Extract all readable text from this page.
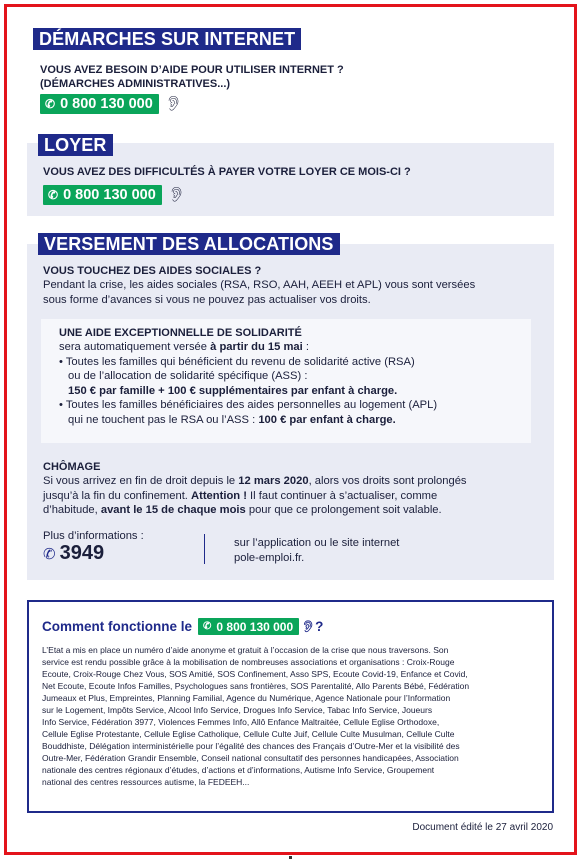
DÉMARCHES SUR INTERNET
VOUS AVEZ BESOIN D’AIDE POUR UTILISER INTERNET ?
(DÉMARCHES ADMINISTRATIVES...)
✆ 0 800 130 000 👂︎
LOYER
VOUS AVEZ DES DIFFICULTÉS À PAYER VOTRE LOYER CE MOIS-CI ?
✆ 0 800 130 000 👂︎
VERSEMENT DES ALLOCATIONS
VOUS TOUCHEZ DES AIDES SOCIALES ?
Pendant la crise, les aides sociales (RSA, RSO, AAH, AEEH et APL) vous sont versées
sous forme d’avances si vous ne pouvez pas actualiser vos droits.
UNE AIDE EXCEPTIONNELLE DE SOLIDARITÉ
sera automatiquement versée à partir du 15 mai :
• Toutes les familles qui bénéficient du revenu de solidarité active (RSA)
ou de l’allocation de solidarité spécifique (ASS) :
150 € par famille + 100 € supplémentaires par enfant à charge.
• Toutes les familles bénéficiaires des aides personnelles au logement (APL)
qui ne touchent pas le RSA ou l’ASS : 100 € par enfant à charge.
CHÔMAGE
Si vous arrivez en fin de droit depuis le 12 mars 2020, alors vos droits sont prolongés
jusqu’à la fin du confinement. Attention ! Il faut continuer à s’actualiser, comme
d’habitude, avant le 15 de chaque mois pour que ce prolongement soit valable.
Plus d’informations :
✆ 3949	sur l’application ou le site internet
pole-emploi.fr.
Comment fonctionne le ✆ 0 800 130 000 👂︎ ?
L’Etat a mis en place un numéro d’aide anonyme et gratuit à l’occasion de la crise que nous traversons. Son
service est rendu possible grâce à la mobilisation de nombreuses associations et organisations : Croix-Rouge
Ecoute, Croix-Rouge Chez Vous, SOS Amitié, SOS Confinement, Asso SPS, Ecoute Covid-19, Enfance et Covid,
Net Ecoute, Ecoute Infos Familles, Psychologues sans frontières, SOS Parentalité, Allo Parents Bébé, Fédération
Jumeaux et Plus, Empreintes, Planning Familial, Agence du Numérique, Agence Nationale pour l’Information
sur le Logement, Impôts Service, Alcool Info Service, Drogues Info Service, Tabac Info Service, Joueurs
Info Service, Fédération 3977, Violences Femmes Info, Allô Enfance Maltraitée, Cellule Eglise Orthodoxe,
Cellule Eglise Protestante, Cellule Eglise Catholique, Cellule Culte Juif, Cellule Culte Musulman, Cellule Culte
Bouddhiste, Délégation interministérielle pour l’égalité des chances des Français d’Outre-Mer et la visibilité des
Outre-Mer, Fédération Grandir Ensemble, Conseil national consultatif des personnes handicapées, Association
nationale des centres régionaux d’études, d’actions et d’informations, Autisme Info Service, Groupement
national des centres ressources autisme, la FEDEEH...
Document édité le 27 avril 2020
